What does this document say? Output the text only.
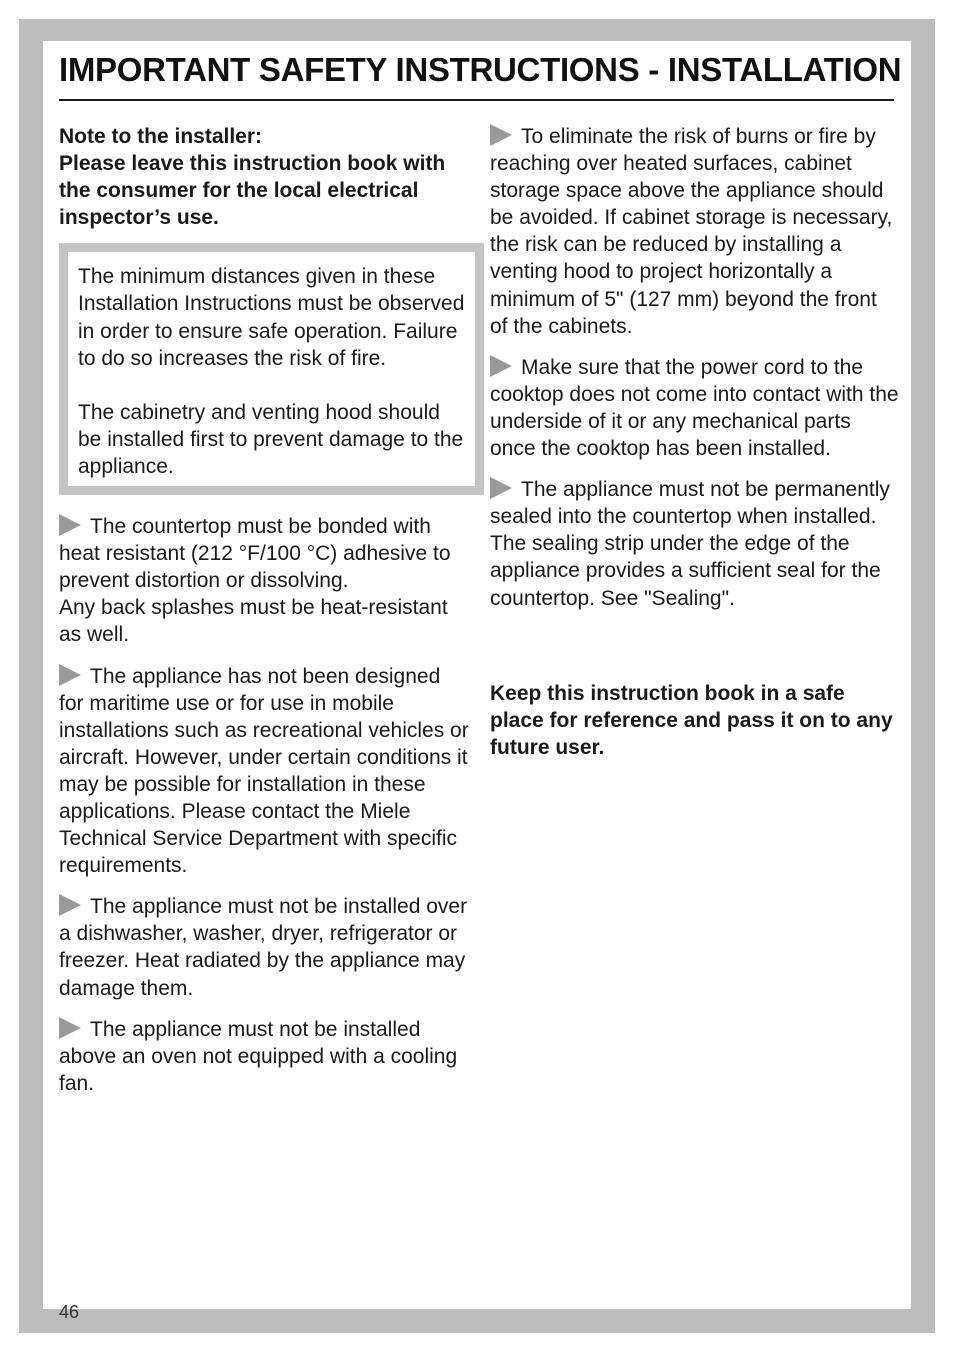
IMPORTANT SAFETY INSTRUCTIONS - INSTALLATION
Note to the installer:
Please leave this instruction book with the consumer for the local electrical inspector’s use.

The minimum distances given in these Installation Instructions must be observed in order to ensure safe operation. Failure to do so increases the risk of fire.

The cabinetry and venting hood should be installed first to prevent damage to the appliance.

The countertop must be bonded with heat resistant (212 °F/100 °C) adhesive to prevent distortion or dissolving.
Any back splashes must be heat-resistant as well.

The appliance has not been designed for maritime use or for use in mobile installations such as recreational vehicles or aircraft. However, under certain conditions it may be possible for installation in these applications. Please contact the Miele Technical Service Department with specific requirements.

The appliance must not be installed over a dishwasher, washer, dryer, refrigerator or freezer. Heat radiated by the appliance may damage them.

The appliance must not be installed above an oven not equipped with a cooling fan.

To eliminate the risk of burns or fire by reaching over heated surfaces, cabinet storage space above the appliance should be avoided. If cabinet storage is necessary, the risk can be reduced by installing a venting hood to project horizontally a minimum of 5" (127 mm) beyond the front of the cabinets.

Make sure that the power cord to the cooktop does not come into contact with the underside of it or any mechanical parts once the cooktop has been installed.

The appliance must not be permanently sealed into the countertop when installed. The sealing strip under the edge of the appliance provides a sufficient seal for the countertop. See "Sealing".

Keep this instruction book in a safe place for reference and pass it on to any future user.

46
